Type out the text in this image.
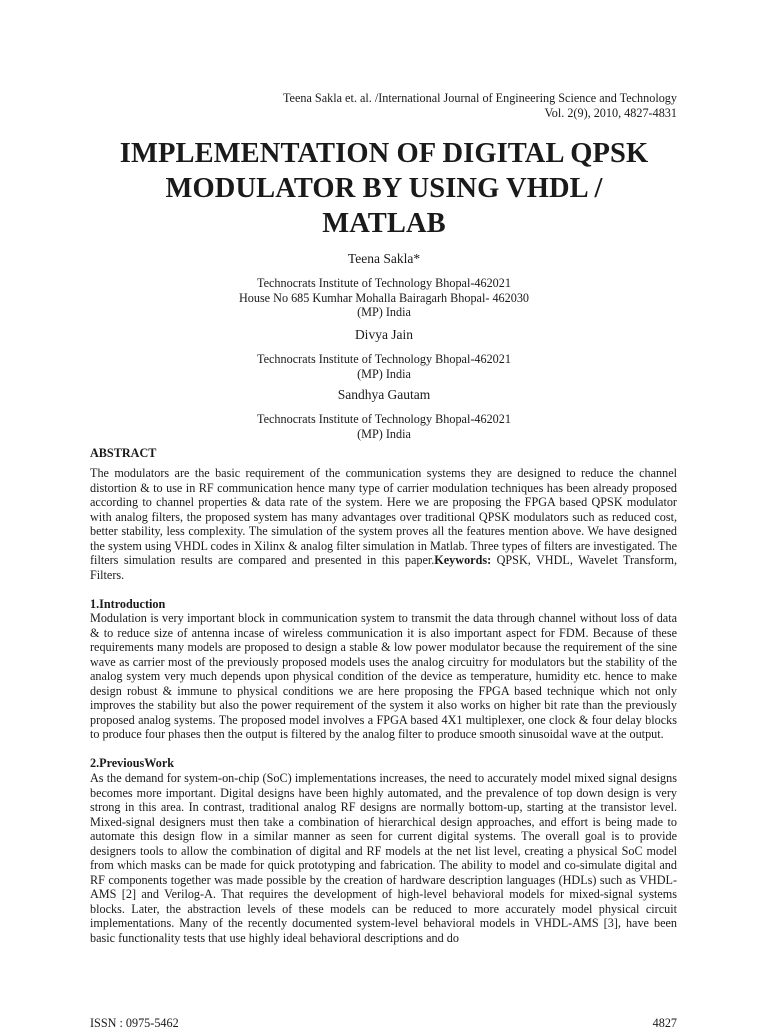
Teena Sakla et. al. /International Journal of Engineering Science and Technology
Vol. 2(9), 2010, 4827-4831
IMPLEMENTATION OF DIGITAL QPSK
MODULATOR BY USING VHDL /
MATLAB
Teena Sakla*
Technocrats Institute of Technology Bhopal-462021
House No 685 Kumhar Mohalla Bairagarh Bhopal- 462030
(MP) India
Divya Jain
Technocrats Institute of Technology Bhopal-462021
(MP) India
Sandhya Gautam
Technocrats Institute of Technology Bhopal-462021
(MP) India
ABSTRACT
The modulators are the basic requirement of the communication systems they are designed to reduce the channel distortion & to use in RF communication hence many type of carrier modulation techniques has been already proposed according to channel properties & data rate of the system. Here we are proposing the FPGA based QPSK modulator with analog filters, the proposed system has many advantages over traditional QPSK modulators such as reduced cost, better stability, less complexity. The simulation of the system proves all the features mention above. We have designed the system using VHDL codes in Xilinx & analog filter simulation in Matlab. Three types of filters are investigated. The filters simulation results are compared and presented in this paper.Keywords: QPSK, VHDL, Wavelet Transform, Filters.
1.Introduction
Modulation is very important block in communication system to transmit the data through channel without loss of data & to reduce size of antenna incase of wireless communication it is also important aspect for FDM. Because of these requirements many models are proposed to design a stable & low power modulator because the requirement of the sine wave as carrier most of the previously proposed models uses the analog circuitry for modulators but the stability of the analog system very much depends upon physical condition of the device as temperature, humidity etc. hence to make design robust & immune to physical conditions we are here proposing the FPGA based technique which not only improves the stability but also the power requirement of the system it also works on higher bit rate than the previously proposed analog systems. The proposed model involves a FPGA based 4X1 multiplexer, one clock & four delay blocks to produce four phases then the output is filtered by the analog filter to produce smooth sinusoidal wave at the output.
2.PreviousWork
As the demand for system-on-chip (SoC) implementations increases, the need to accurately model mixed signal designs becomes more important. Digital designs have been highly automated, and the prevalence of top down design is very strong in this area. In contrast, traditional analog RF designs are normally bottom-up, starting at the transistor level. Mixed-signal designers must then take a combination of hierarchical design approaches, and effort is being made to automate this design flow in a similar manner as seen for current digital systems. The overall goal is to provide designers tools to allow the combination of digital and RF models at the net list level, creating a physical SoC model from which masks can be made for quick prototyping and fabrication. The ability to model and co-simulate digital and RF components together was made possible by the creation of hardware description languages (HDLs) such as VHDL-AMS [2] and Verilog-A. That requires the development of high-level behavioral models for mixed-signal systems blocks. Later, the abstraction levels of these models can be reduced to more accurately model physical circuit implementations. Many of the recently documented system-level behavioral models in VHDL-AMS [3], have been basic functionality tests that use highly ideal behavioral descriptions and do
ISSN : 0975-5462	4827
